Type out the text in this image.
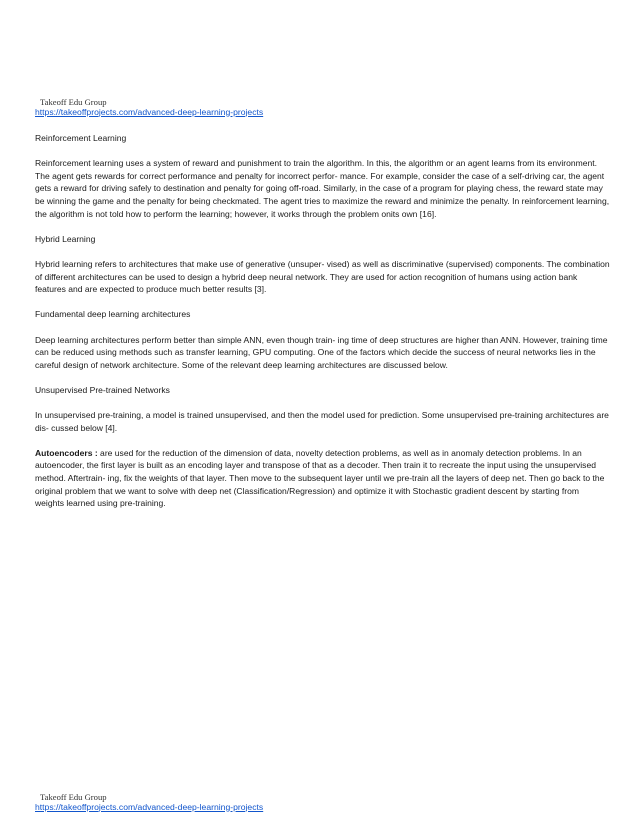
Takeoff Edu Group
https://takeoffprojects.com/advanced-deep-learning-projects
Reinforcement Learning

Reinforcement learning uses a system of reward and punishment to train the algorithm. In this, the algorithm or an agent learns from its environment. The agent gets rewards for correct performance and penalty for incorrect perfor- mance. For example, consider the case of a self-driving car, the agent gets a reward for driving safely to destination and penalty for going off-road. Similarly, in the case of a program for playing chess, the reward state may be winning the game and the penalty for being checkmated. The agent tries to maximize the reward and minimize the penalty. In reinforcement learning, the algorithm is not told how to perform the learning; however, it works through the problem onits own [16].

Hybrid Learning

Hybrid learning refers to architectures that make use of generative (unsuper- vised) as well as discriminative (supervised) components. The combination of different architectures can be used to design a hybrid deep neural network. They are used for action recognition of humans using action bank features and are expected to produce much better results [3].

Fundamental deep learning architectures

Deep learning architectures perform better than simple ANN, even though train- ing time of deep structures are higher than ANN. However, training time can be reduced using methods such as transfer learning, GPU computing. One of the factors which decide the success of neural networks lies in the careful design of network architecture. Some of the relevant deep learning architectures are discussed below.

Unsupervised Pre-trained Networks

In unsupervised pre-training, a model is trained unsupervised, and then the model used for prediction. Some unsupervised pre-training architectures are dis- cussed below [4].

Autoencoders : are used for the reduction of the dimension of data, novelty detection problems, as well as in anomaly detection problems. In an autoencoder, the first layer is built as an encoding layer and transpose of that as a decoder. Then train it to recreate the input using the unsupervised method. Aftertrain- ing, fix the weights of that layer. Then move to the subsequent layer until we pre-train all the layers of deep net. Then go back to the original problem that we want to solve with deep net (Classification/Regression) and optimize it with Stochastic gradient descent by starting from weights learned using pre-training.

Takeoff Edu Group
https://takeoffprojects.com/advanced-deep-learning-projects
